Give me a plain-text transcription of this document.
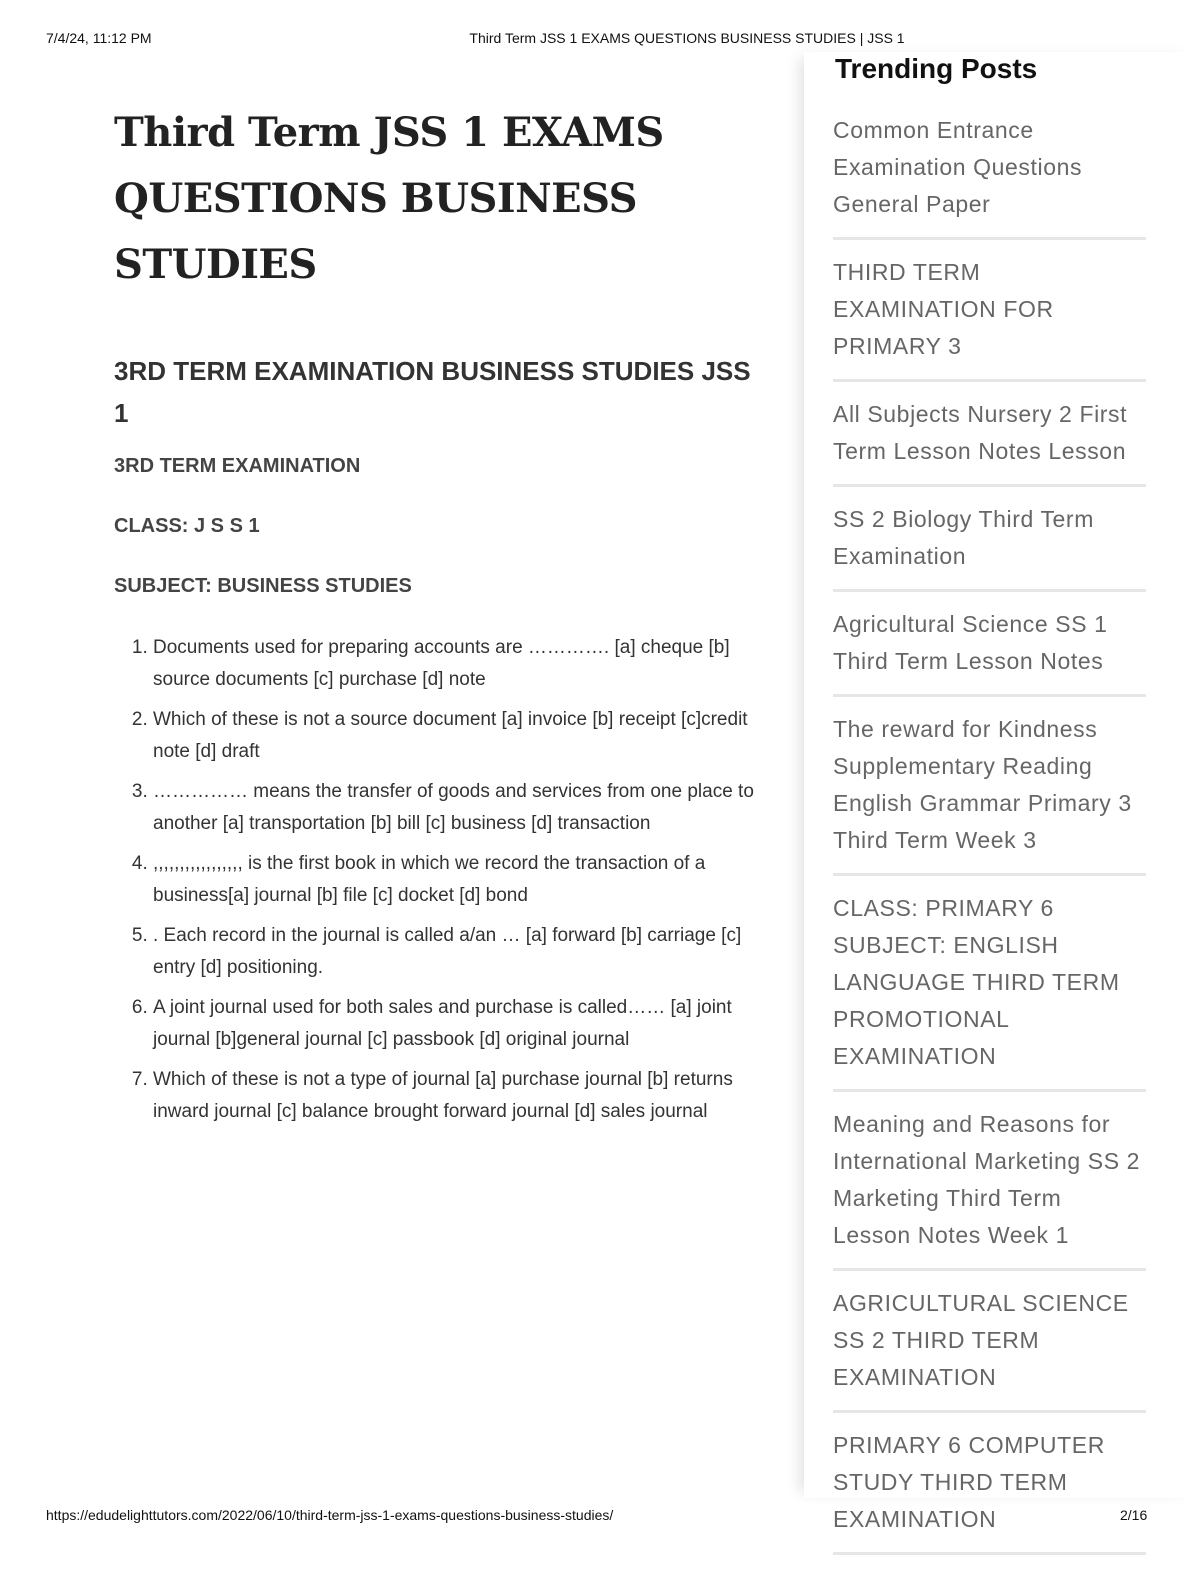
7/4/24, 11:12 PM	Third Term JSS 1 EXAMS QUESTIONS BUSINESS STUDIES | JSS 1
Third Term JSS 1 EXAMS QUESTIONS BUSINESS STUDIES
3RD TERM EXAMINATION BUSINESS STUDIES JSS 1

3RD TERM EXAMINATION

CLASS: J S S 1

SUBJECT: BUSINESS STUDIES

1. Documents used for preparing accounts are …………. [a] cheque [b] source documents [c] purchase [d] note
2. Which of these is not a source document [a] invoice [b] receipt [c]credit note [d] draft
3. …………… means the transfer of goods and services from one place to another [a] transportation [b] bill [c] business [d] transaction
4. ,,,,,,,,,,,,,,,,, is the first book in which we record the transaction of a business[a] journal [b] file [c] docket [d] bond
5. . Each record in the journal is called a/an … [a] forward [b] carriage [c] entry [d] positioning.
6. A joint journal used for both sales and purchase is called…… [a] joint journal [b]general journal [c] passbook [d] original journal
7. Which of these is not a type of journal [a] purchase journal [b] returns inward journal [c] balance brought forward journal [d] sales journal
Trending Posts
Common Entrance Examination Questions General Paper
THIRD TERM EXAMINATION FOR PRIMARY 3
All Subjects Nursery 2 First Term Lesson Notes Lesson
SS 2 Biology Third Term Examination
Agricultural Science SS 1 Third Term Lesson Notes
The reward for Kindness Supplementary Reading English Grammar Primary 3 Third Term Week 3
CLASS: PRIMARY 6 SUBJECT: ENGLISH LANGUAGE THIRD TERM PROMOTIONAL EXAMINATION
Meaning and Reasons for International Marketing SS 2 Marketing Third Term Lesson Notes Week 1
AGRICULTURAL SCIENCE SS 2 THIRD TERM EXAMINATION
PRIMARY 6 COMPUTER STUDY THIRD TERM EXAMINATION
https://edudelighttutors.com/2022/06/10/third-term-jss-1-exams-questions-business-studies/	2/16
